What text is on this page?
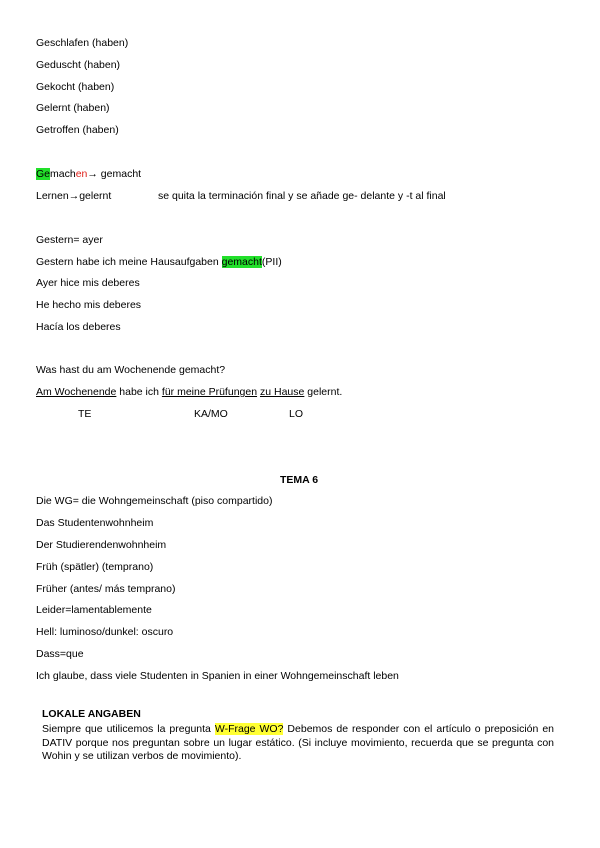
Geschlafen (haben)
Geduscht (haben)
Gekocht (haben)
Gelernt (haben)
Getroffen (haben)
Gemachen→ gemacht
Lernen→gelernt	se quita la terminación final y se añade ge- delante y -t al final
Gestern= ayer
Gestern habe ich meine Hausaufgaben gemacht(PII)
Ayer hice mis deberes
He hecho mis deberes
Hacía los deberes
Was hast du am Wochenende gemacht?
Am Wochenende habe ich für meine Prüfungen zu Hause gelernt.
TE	KA/MO	LO
TEMA 6
Die WG= die Wohngemeinschaft (piso compartido)
Das Studentenwohnheim
Der Studierendenwohnheim
Früh (spätler) (temprano)
Früher (antes/ más temprano)
Leider=lamentablemente
Hell: luminoso/dunkel: oscuro
Dass=que
Ich glaube, dass viele Studenten in Spanien in einer Wohngemeinschaft leben
LOKALE ANGABEN
Siempre que utilicemos la pregunta W-Frage WO? Debemos de responder con el artículo o preposición en DATIV porque nos preguntan sobre un lugar estático. (Si incluye movimiento, recuerda que se pregunta con Wohin y se utilizan verbos de movimiento).
